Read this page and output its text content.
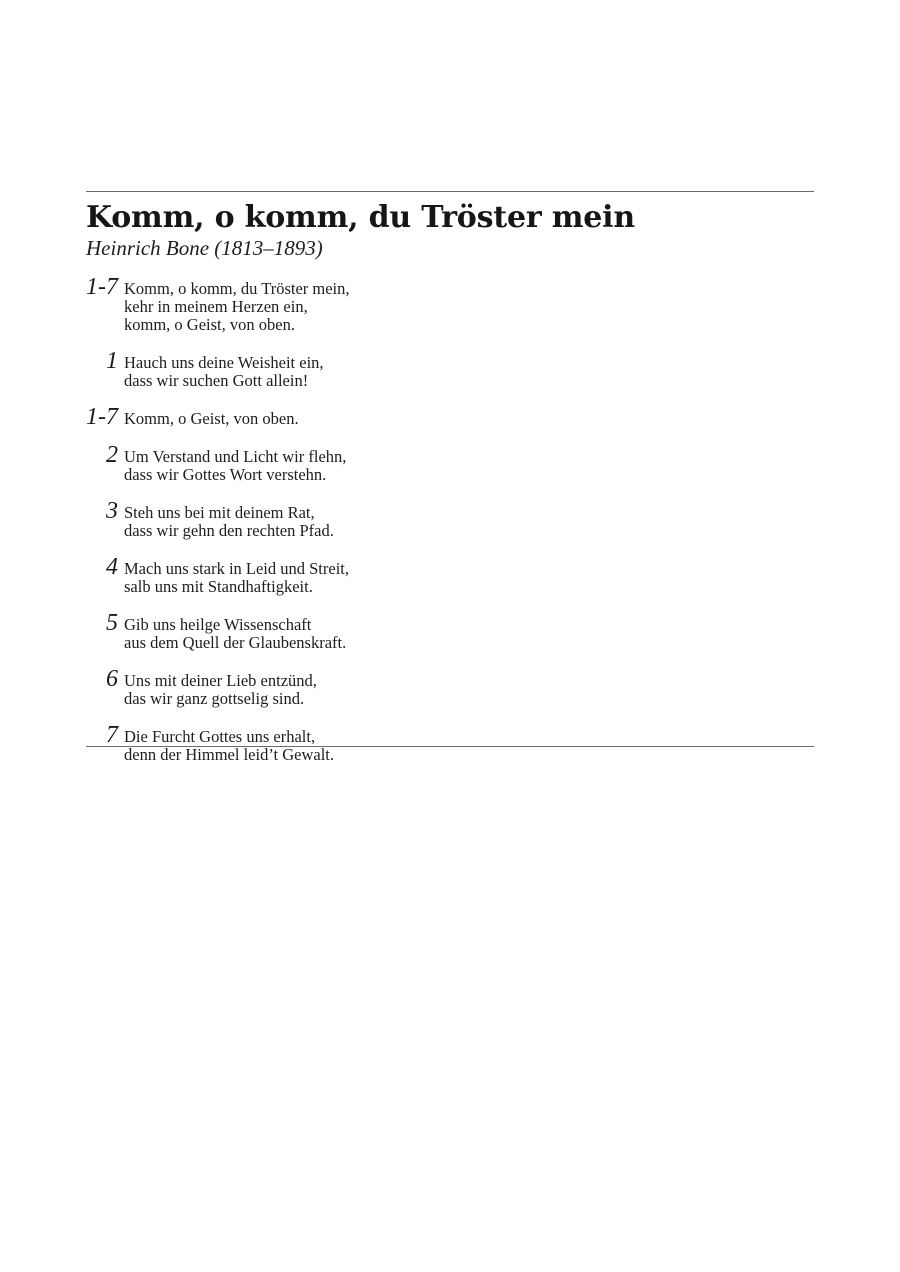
Komm, o komm, du Tröster mein
Heinrich Bone (1813–1893)
1-7 Komm, o komm, du Tröster mein,
kehr in meinem Herzen ein,
komm, o Geist, von oben.
1 Hauch uns deine Weisheit ein,
dass wir suchen Gott allein!
1-7 Komm, o Geist, von oben.
2 Um Verstand und Licht wir flehn,
dass wir Gottes Wort verstehn.
3 Steh uns bei mit deinem Rat,
dass wir gehn den rechten Pfad.
4 Mach uns stark in Leid und Streit,
salb uns mit Standhaftigkeit.
5 Gib uns heilge Wissenschaft
aus dem Quell der Glaubenskraft.
6 Uns mit deiner Lieb entzünd,
das wir ganz gottselig sind.
7 Die Furcht Gottes uns erhalt,
denn der Himmel leid’t Gewalt.
